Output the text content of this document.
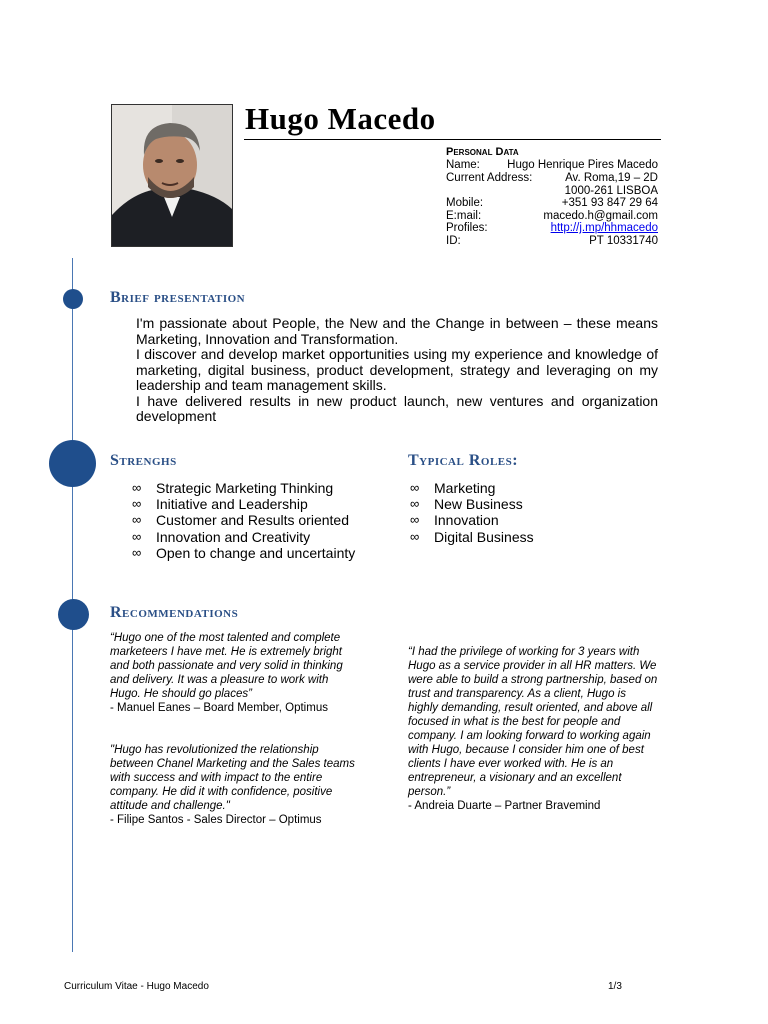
Hugo Macedo
Personal Data
Name: Hugo Henrique Pires Macedo
Current Address:	Av. Roma,19 – 2D
1000-261 LISBOA
Mobile:	+351 93 847 29 64
E:mail:	macedo.h@gmail.com
Profiles:	http://j.mp/hhmacedo
ID:	PT 10331740
Brief presentation

I'm passionate about People, the New and the Change in between – these means Marketing, Innovation and Transformation.

I discover and develop market opportunities using my experience and knowledge of marketing, digital business, product development, strategy and leveraging on my leadership and team management skills.

I have delivered results in new product launch, new ventures and organization development

Strenghs
∞ Strategic Marketing Thinking
∞ Initiative and Leadership
∞ Customer and Results oriented
∞ Innovation and Creativity
∞ Open to change and uncertainty
Typical Roles:
∞ Marketing
∞ New Business
∞ Innovation
∞ Digital Business
Recommendations

“Hugo one of the most talented and complete marketeers I have met. He is extremely bright and both passionate and very solid in thinking and delivery. It was a pleasure to work with Hugo. He should go places”

- Manuel Eanes – Board Member, Optimus

"Hugo has revolutionized the relationship between Chanel Marketing and the Sales teams with success and with impact to the entire company. He did it with confidence, positive attitude and challenge."

- Filipe Santos - Sales Director – Optimus

“I had the privilege of working for 3 years with Hugo as a service provider in all HR matters. We were able to build a strong partnership, based on trust and transparency. As a client, Hugo is highly demanding, result oriented, and above all focused in what is the best for people and company. I am looking forward to working again with Hugo, because I consider him one of best clients I have ever worked with. He is an entrepreneur, a visionary and an excellent person.”

- Andreia Duarte – Partner Bravemind

Curriculum Vitae - Hugo Macedo	1/3
